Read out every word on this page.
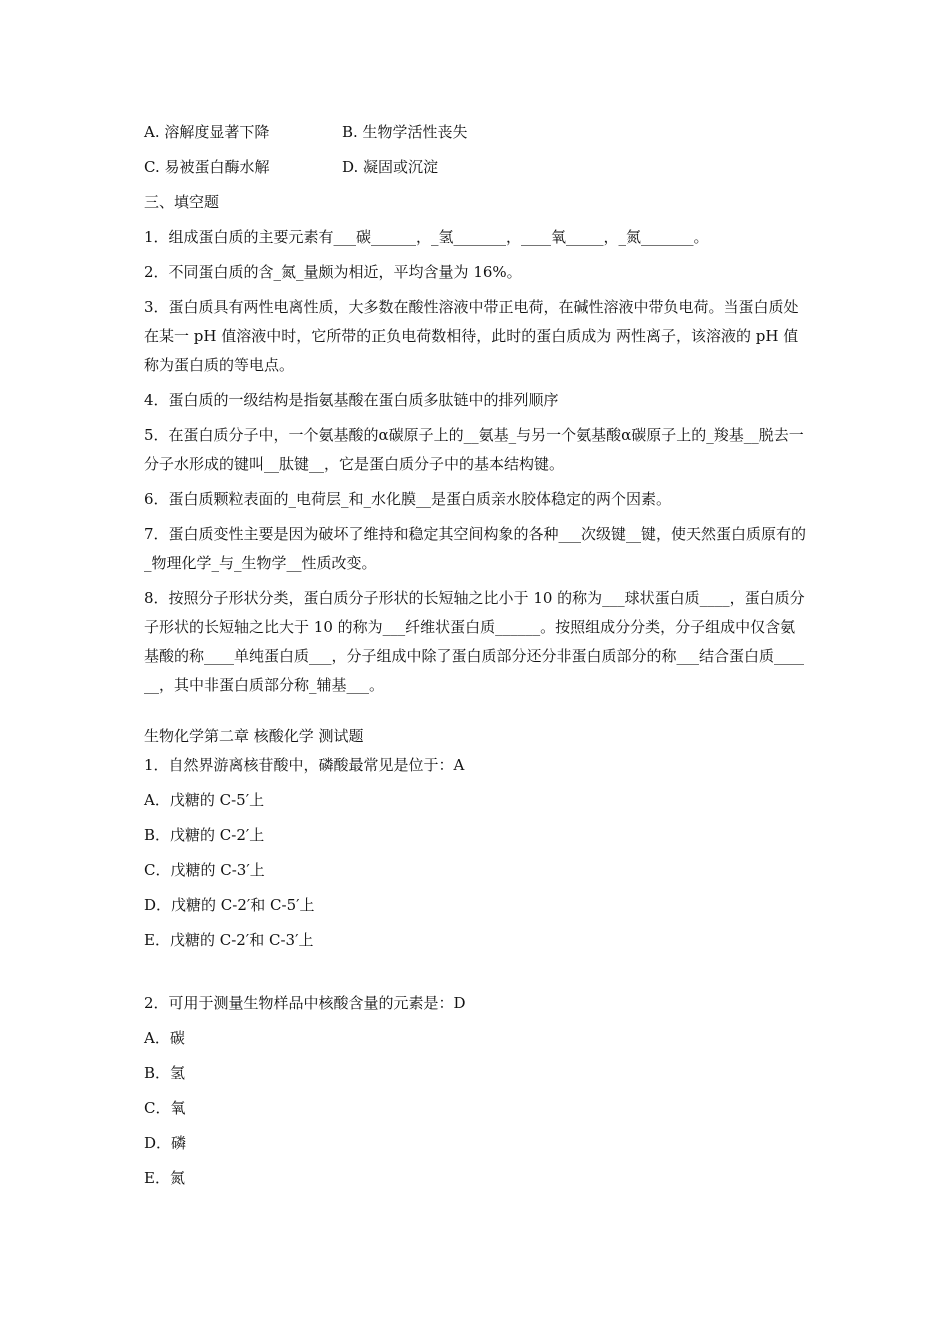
A. 溶解度显著下降	B. 生物学活性丧失
C. 易被蛋白酶水解	D. 凝固或沉淀

三、填空题

1．组成蛋白质的主要元素有___碳______，_氢_______，____氧_____，_氮_______。

2．不同蛋白质的含_氮_量颇为相近，平均含量为 16%。

3．蛋白质具有两性电离性质，大多数在酸性溶液中带正电荷，在碱性溶液中带负电荷。当蛋白质处在某一 pH 值溶液中时，它所带的正负电荷数相待，此时的蛋白质成为 两性离子，该溶液的 pH 值称为蛋白质的等电点。

4．蛋白质的一级结构是指氨基酸在蛋白质多肽链中的排列顺序

5．在蛋白质分子中，一个氨基酸的α碳原子上的__氨基_与另一个氨基酸α碳原子上的_羧基__脱去一分子水形成的键叫__肽键__，它是蛋白质分子中的基本结构键。

6．蛋白质颗粒表面的_电荷层_和_水化膜__是蛋白质亲水胶体稳定的两个因素。

7．蛋白质变性主要是因为破坏了维持和稳定其空间构象的各种___次级键__键，使天然蛋白质原有的_物理化学_与_生物学__性质改变。

8．按照分子形状分类，蛋白质分子形状的长短轴之比小于 10 的称为___球状蛋白质____，蛋白质分子形状的长短轴之比大于 10 的称为___纤维状蛋白质______。按照组成分分类，分子组成中仅含氨基酸的称____单纯蛋白质___，分子组成中除了蛋白质部分还分非蛋白质部分的称___结合蛋白质______，其中非蛋白质部分称_辅基___。

生物化学第二章 核酸化学 测试题

1．自然界游离核苷酸中，磷酸最常见是位于：A

A．戊糖的 C-5′上

B．戊糖的 C-2′上

C．戊糖的 C-3′上

D．戊糖的 C-2′和 C-5′上

E．戊糖的 C-2′和 C-3′上

2．可用于测量生物样品中核酸含量的元素是：D

A．碳

B．氢

C．氧

D．磷

E．氮
